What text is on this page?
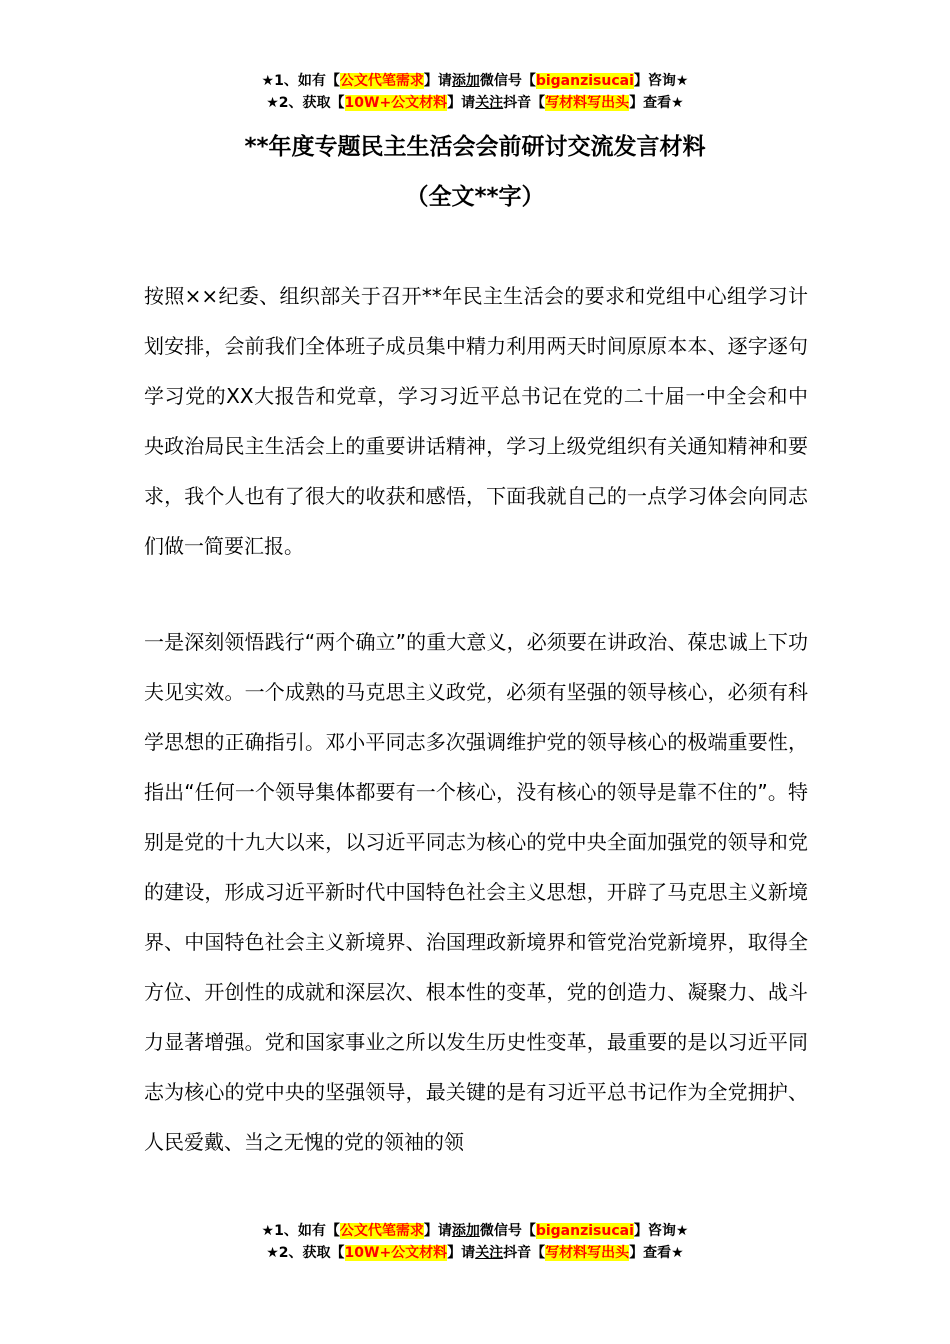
★1、如有【公文代笔需求】请添加微信号【biganzisucai】咨询★
★2、获取【10W+公文材料】请关注抖音【写材料写出头】查看★
**年度专题民主生活会会前研讨交流发言材料
（全文**字）

按照××纪委、组织部关于召开**年民主生活会的要求和党组中心组学习计划安排，会前我们全体班子成员集中精力利用两天时间原原本本、逐字逐句学习党的XX大报告和党章，学习习近平总书记在党的二十届一中全会和中央政治局民主生活会上的重要讲话精神，学习上级党组织有关通知精神和要求，我个人也有了很大的收获和感悟，下面我就自己的一点学习体会向同志们做一简要汇报。

一是深刻领悟践行“两个确立”的重大意义，必须要在讲政治、葆忠诚上下功夫见实效。一个成熟的马克思主义政党，必须有坚强的领导核心，必须有科学思想的正确指引。邓小平同志多次强调维护党的领导核心的极端重要性，指出“任何一个领导集体都要有一个核心，没有核心的领导是靠不住的”。特别是党的十九大以来，以习近平同志为核心的党中央全面加强党的领导和党的建设，形成习近平新时代中国特色社会主义思想，开辟了马克思主义新境界、中国特色社会主义新境界、治国理政新境界和管党治党新境界，取得全方位、开创性的成就和深层次、根本性的变革，党的创造力、凝聚力、战斗力显著增强。党和国家事业之所以发生历史性变革，最重要的是以习近平同志为核心的党中央的坚强领导，最关键的是有习近平总书记作为全党拥护、人民爱戴、当之无愧的党的领袖的领

★1、如有【公文代笔需求】请添加微信号【biganzisucai】咨询★
★2、获取【10W+公文材料】请关注抖音【写材料写出头】查看★
